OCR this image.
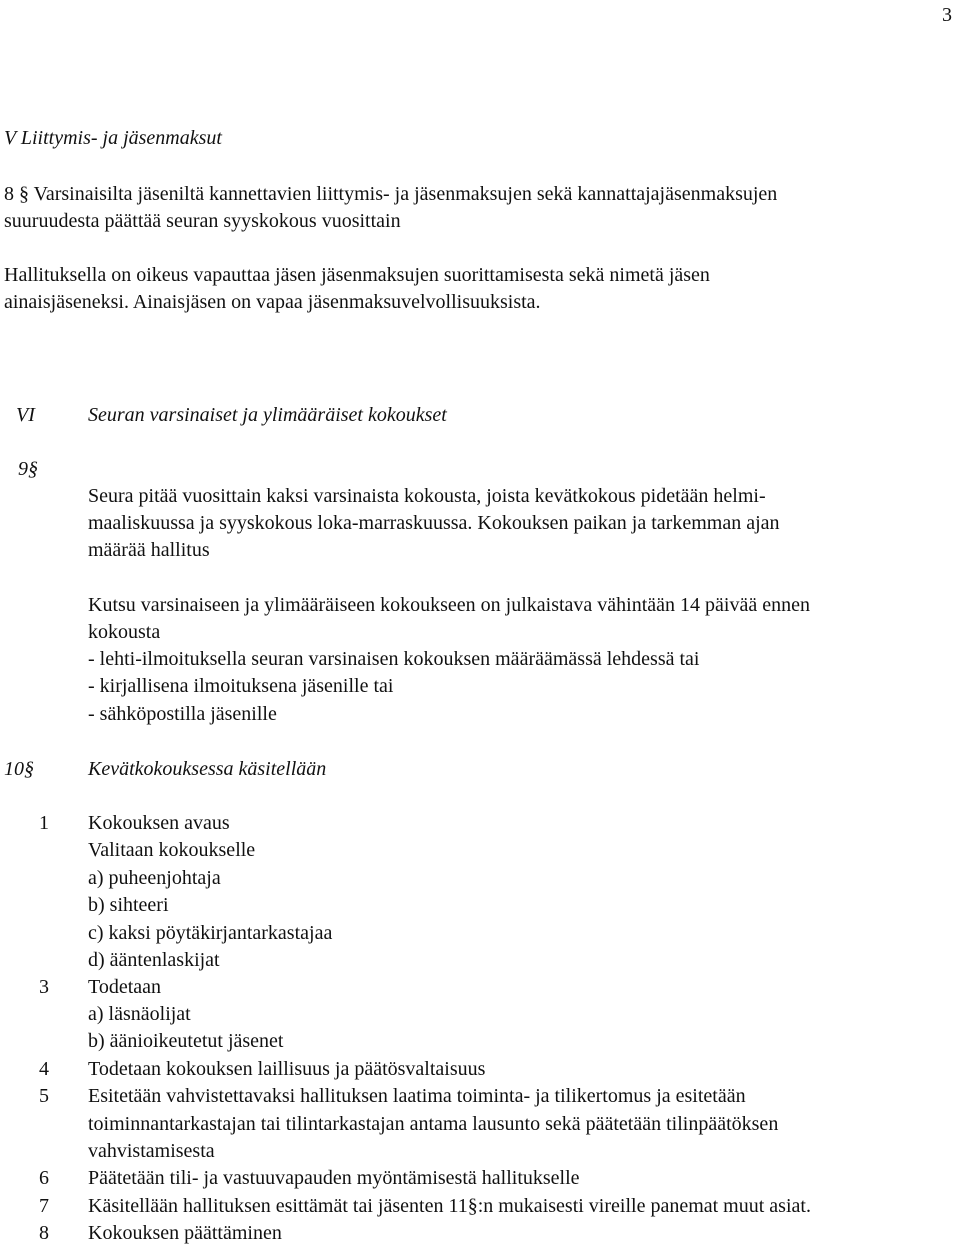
3
V Liittymis- ja jäsenmaksut
8 § Varsinaisilta jäseniltä kannettavien liittymis- ja jäsenmaksujen sekä kannattajajäsenmaksujen
suuruudesta päättää seuran syyskokous vuosittain
Hallituksella on oikeus vapauttaa jäsen jäsenmaksujen suorittamisesta sekä nimetä jäsen
ainaisjäseneksi. Ainaisjäsen on vapaa jäsenmaksuvelvollisuuksista.
VI	Seuran varsinaiset ja ylimääräiset kokoukset
9§
Seura pitää vuosittain kaksi varsinaista kokousta, joista kevätkokous pidetään helmi-
maaliskuussa ja syyskokous loka-marraskuussa. Kokouksen paikan ja tarkemman ajan
määrää hallitus
Kutsu varsinaiseen ja ylimääräiseen kokoukseen on julkaistava vähintään 14 päivää ennen
kokousta
- lehti-ilmoituksella seuran varsinaisen kokouksen määräämässä lehdessä tai
- kirjallisena ilmoituksena jäsenille tai
- sähköpostilla jäsenille
10§	Kevätkokouksessa käsitellään
1 Kokouksen avaus
Valitaan kokoukselle
a) puheenjohtaja
b) sihteeri
c) kaksi pöytäkirjantarkastajaa
d) ääntenlaskijat
3 Todetaan
a) läsnäolijat
b) äänioikeutetut jäsenet
4 Todetaan kokouksen laillisuus ja päätösvaltaisuus
5 Esitetään vahvistettavaksi hallituksen laatima toiminta- ja tilikertomus ja esitetään
toiminnantarkastajan tai tilintarkastajan antama lausunto sekä päätetään tilinpäätöksen
vahvistamisesta
6 Päätetään tili- ja vastuuvapauden myöntämisestä hallitukselle
7 Käsitellään hallituksen esittämät tai jäsenten 11§:n mukaisesti vireille panemat muut asiat.
8 Kokouksen päättäminen
